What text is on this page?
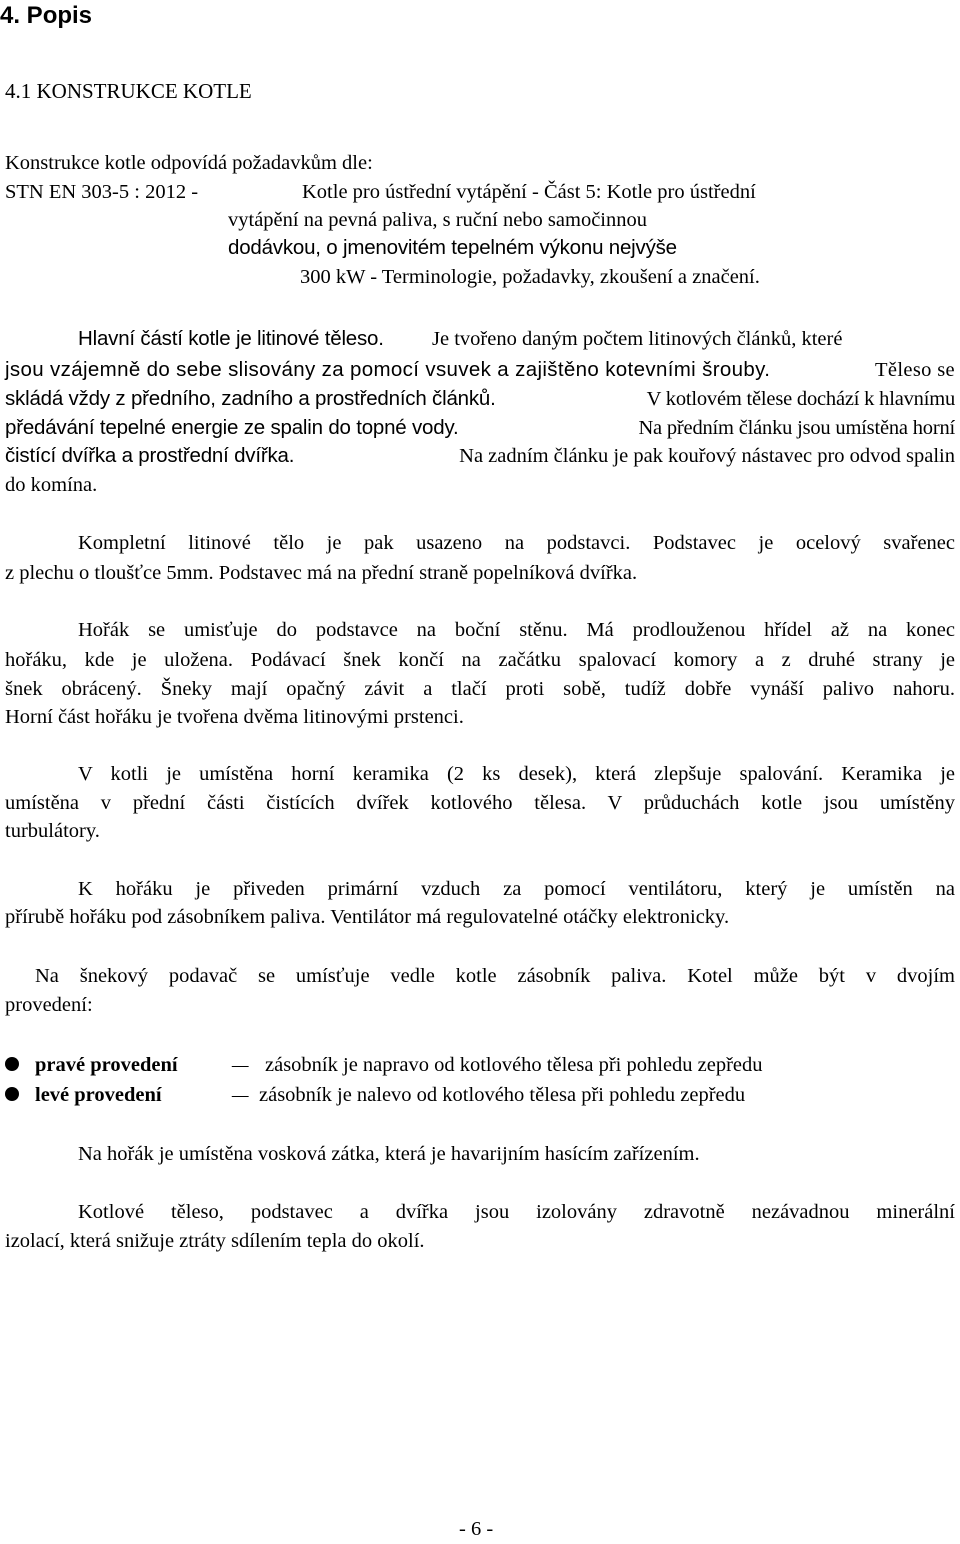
4. Popis
4.1 KONSTRUKCE KOTLE
Konstrukce kotle odpovídá požadavkům dle:
STN EN 303-5 : 2012 -	Kotle pro ústřední vytápění - Část 5: Kotle pro ústřední
vytápění na pevná paliva, s ruční nebo samočinnou
dodávkou, o jmenovitém tepelném výkonu nejvýše
300 kW - Terminologie, požadavky, zkoušení a značení.
Hlavní částí kotle je litinové těleso. Je tvořeno daným počtem litinových článků, které
jsou vzájemně do sebe slisovány za pomocí vsuvek a zajištěno kotevními šrouby.	Těleso se
skládá vždy z předního, zadního a prostředních článků.	V kotlovém tělese dochází k hlavnímu
předávání tepelné energie ze spalin do topné vody.	Na předním článku jsou umístěna horní
čistící dvířka a prostřední dvířka.	Na zadním článku je pak kouřový nástavec pro odvod spalin
do komína.
Kompletní litinové tělo je pak usazeno na podstavci. Podstavec je ocelový svařenec
z plechu o tloušťce 5mm. Podstavec má na přední straně popelníková dvířka.
Hořák se umisťuje do podstavce na boční stěnu. Má prodlouženou hřídel až na konec
hořáku, kde je uložena. Podávací šnek končí na začátku spalovací komory a z druhé strany je
šnek obrácený. Šneky mají opačný závit a tlačí proti sobě, tudíž dobře vynáší palivo nahoru.
Horní část hořáku je tvořena dvěma litinovými prstenci.
V kotli je umístěna horní keramika (2 ks desek), která zlepšuje spalování. Keramika je
umístěna v přední části čistících dvířek kotlového tělesa. V průduchách kotle jsou umístěny
turbulátory.
K hořáku je přiveden primární vzduch za pomocí ventilátoru, který je umístěn na
přírubě hořáku pod zásobníkem paliva. Ventilátor má regulovatelné otáčky elektronicky.
Na šnekový podavač se umísťuje vedle kotle zásobník paliva. Kotel může být v dvojím
provedení:
pravé provedení	– zásobník je napravo od kotlového tělesa při pohledu zepředu
levé provedení	– zásobník je nalevo od kotlového tělesa při pohledu zepředu
Na hořák je umístěna vosková zátka, která je havarijním hasícím zařízením.
Kotlové těleso, podstavec a dvířka jsou izolovány zdravotně nezávadnou minerální
izolací, která snižuje ztráty sdílením tepla do okolí.
- 6 -
